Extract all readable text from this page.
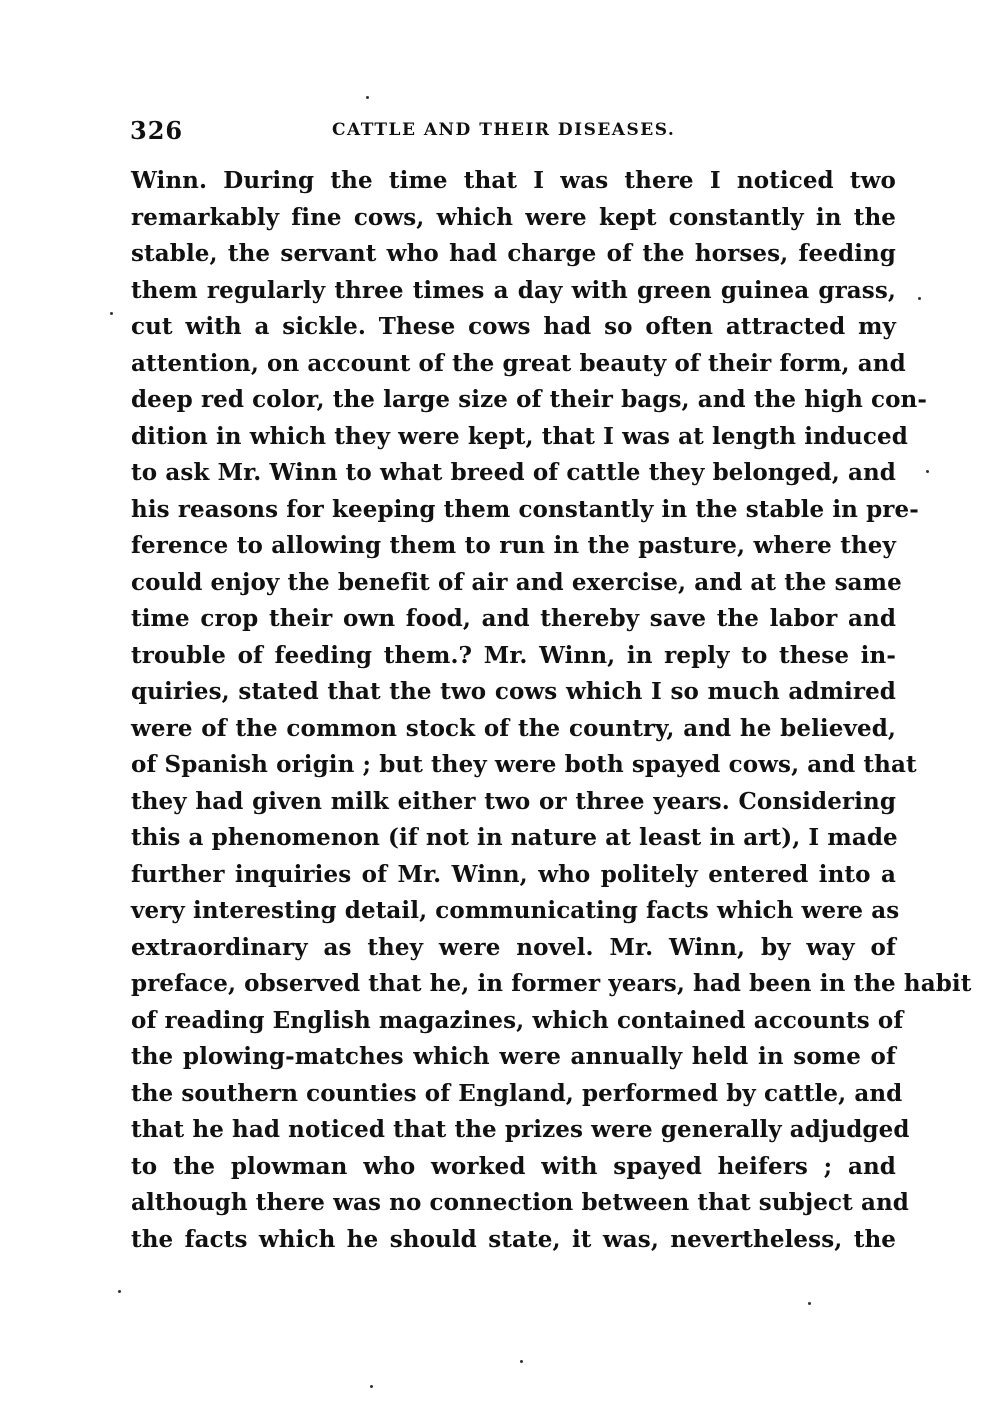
326	CATTLE AND THEIR DISEASES.
Winn. During the time that I was there I noticed two
remarkably fine cows, which were kept constantly in the
stable, the servant who had charge of the horses, feeding
them regularly three times a day with green guinea grass,
cut with a sickle. These cows had so often attracted my
attention, on account of the great beauty of their form, and
deep red color, the large size of their bags, and the high con-
dition in which they were kept, that I was at length induced
to ask Mr. Winn to what breed of cattle they belonged, and
his reasons for keeping them constantly in the stable in pre-
ference to allowing them to run in the pasture, where they
could enjoy the benefit of air and exercise, and at the same
time crop their own food, and thereby save the labor and
trouble of feeding them.? Mr. Winn, in reply to these in-
quiries, stated that the two cows which I so much admired
were of the common stock of the country, and he believed,
of Spanish origin ; but they were both spayed cows, and that
they had given milk either two or three years. Considering
this a phenomenon (if not in nature at least in art), I made
further inquiries of Mr. Winn, who politely entered into a
very interesting detail, communicating facts which were as
extraordinary as they were novel. Mr. Winn, by way of
preface, observed that he, in former years, had been in the habit
of reading English magazines, which contained accounts of
the plowing-matches which were annually held in some of
the southern counties of England, performed by cattle, and
that he had noticed that the prizes were generally adjudged
to the plowman who worked with spayed heifers ; and
although there was no connection between that subject and
the facts which he should state, it was, nevertheless, the
